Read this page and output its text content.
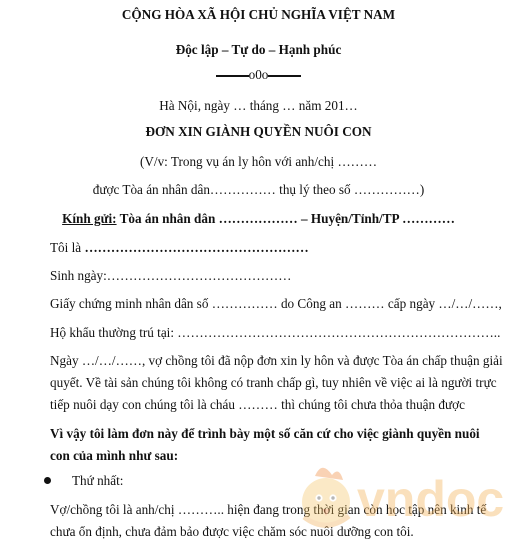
CỘNG HÒA XÃ HỘI CHỦ NGHĨA VIỆT NAM
Độc lập – Tự do – Hạnh phúc
o0o
Hà Nội, ngày … tháng … năm 201…
ĐƠN XIN GIÀNH QUYỀN NUÔI CON
(V/v: Trong vụ án ly hôn với anh/chị ………
được Tòa án nhân dân…………… thụ lý theo số ……………)
Kính gửi: Tòa án nhân dân ……………… – Huyện/Tỉnh/TP …………
Tôi là ……………………………………………
Sinh ngày:……………………………………
Giấy chứng minh nhân dân số …………… do Công an ……… cấp ngày …/…/……,
Hộ khẩu thường trú tại: ………………………………………………………………..
Ngày …/…/……, vợ chồng tôi đã nộp đơn xin ly hôn và được Tòa án chấp thuận giải
quyết. Về tài sản chúng tôi không có tranh chấp gì, tuy nhiên về việc ai là người trực
tiếp nuôi dạy con chúng tôi là cháu ……… thì chúng tôi chưa thỏa thuận được
Vì vậy tôi làm đơn này để trình bày một số căn cứ cho việc giành quyền nuôi
con của mình như sau:
Thứ nhất:
Vợ/chồng tôi là anh/chị ……….. hiện đang trong thời gian còn học tập nên kinh tế
chưa ổn định, chưa đảm bảo được việc chăm sóc nuôi dưỡng con tôi.
vndoc
